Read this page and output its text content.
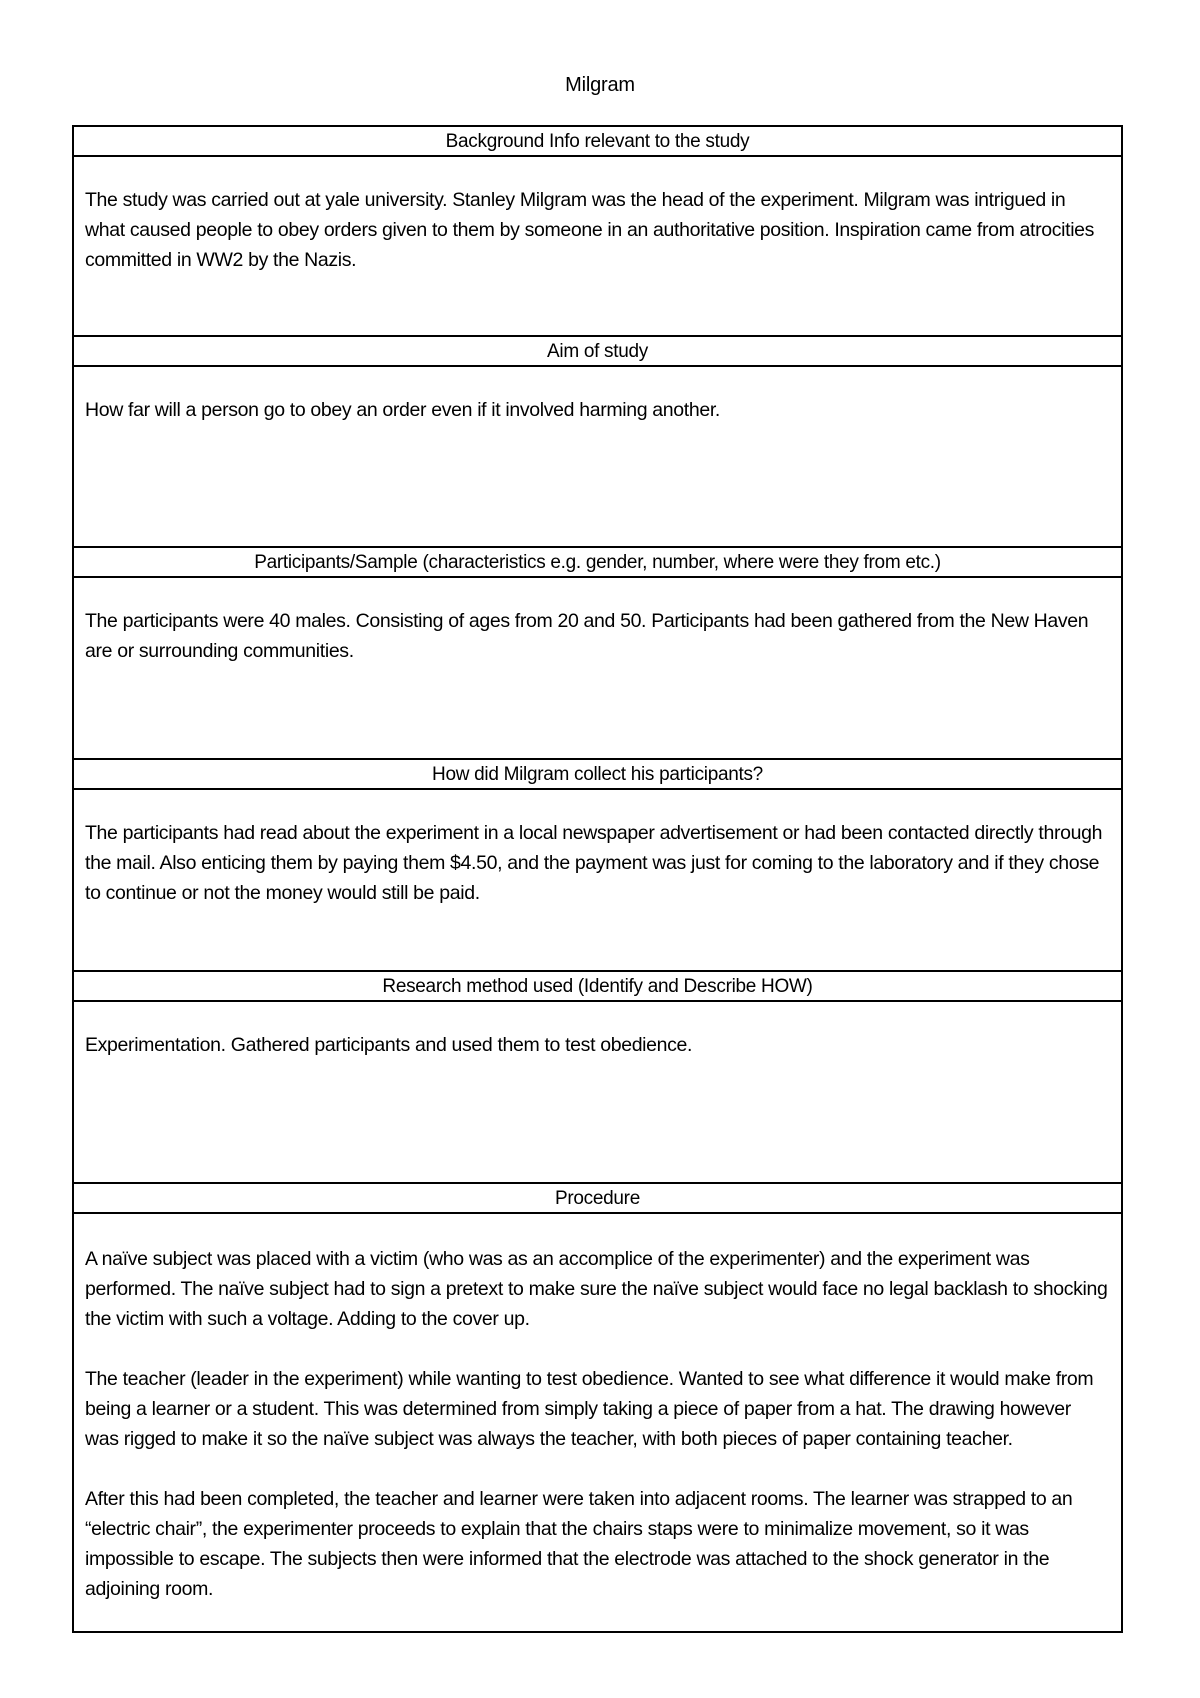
Milgram
Background Info relevant to the study

The study was carried out at yale university. Stanley Milgram was the head of the experiment. Milgram was intrigued in what caused people to obey orders given to them by someone in an authoritative position. Inspiration came from atrocities committed in WW2 by the Nazis.

Aim of study

How far will a person go to obey an order even if it involved harming another.

Participants/Sample (characteristics e.g. gender, number, where were they from etc.)

The participants were 40 males. Consisting of ages from 20 and 50. Participants had been gathered from the New Haven are or surrounding communities.

How did Milgram collect his participants?

The participants had read about the experiment in a local newspaper advertisement or had been contacted directly through the mail. Also enticing them by paying them $4.50, and the payment was just for coming to the laboratory and if they chose to continue or not the money would still be paid.

Research method used (Identify and Describe HOW)

Experimentation. Gathered participants and used them to test obedience.

Procedure

A naïve subject was placed with a victim (who was as an accomplice of the experimenter) and the experiment was performed. The naïve subject had to sign a pretext to make sure the naïve subject would face no legal backlash to shocking the victim with such a voltage. Adding to the cover up.

The teacher (leader in the experiment) while wanting to test obedience. Wanted to see what difference it would make from being a learner or a student. This was determined from simply taking a piece of paper from a hat. The drawing however was rigged to make it so the naïve subject was always the teacher, with both pieces of paper containing teacher.

After this had been completed, the teacher and learner were taken into adjacent rooms. The learner was strapped to an “electric chair”, the experimenter proceeds to explain that the chairs staps were to minimalize movement, so it was impossible to escape. The subjects then were informed that the electrode was attached to the shock generator in the adjoining room.
